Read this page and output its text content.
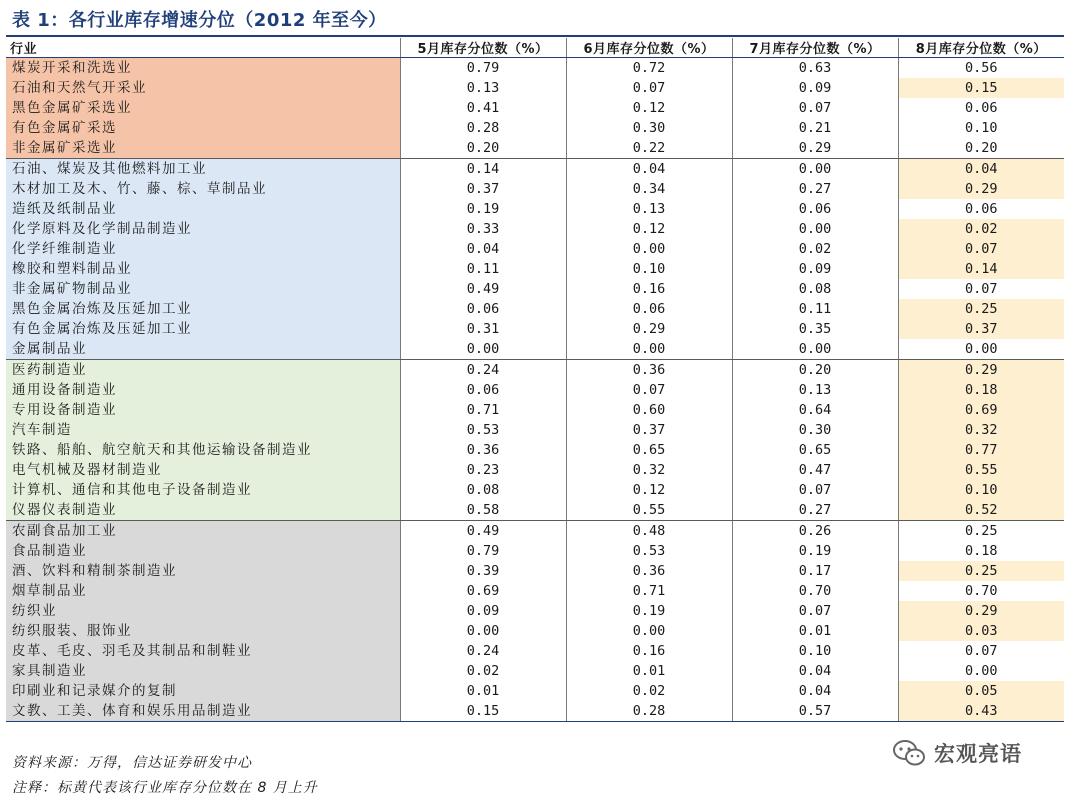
表 1：各行业库存增速分位（2012 年至今）
行业	5月库存分位数（%）	6月库存分位数（%）	7月库存分位数（%）	8月库存分位数（%）
煤炭开采和洗选业	0.79	0.72	0.63	0.56
石油和天然气开采业	0.13	0.07	0.09	0.15
黑色金属矿采选业	0.41	0.12	0.07	0.06
有色金属矿采选	0.28	0.30	0.21	0.10
非金属矿采选业	0.20	0.22	0.29	0.20
石油、煤炭及其他燃料加工业	0.14	0.04	0.00	0.04
木材加工及木、竹、藤、棕、草制品业	0.37	0.34	0.27	0.29
造纸及纸制品业	0.19	0.13	0.06	0.06
化学原料及化学制品制造业	0.33	0.12	0.00	0.02
化学纤维制造业	0.04	0.00	0.02	0.07
橡胶和塑料制品业	0.11	0.10	0.09	0.14
非金属矿物制品业	0.49	0.16	0.08	0.07
黑色金属冶炼及压延加工业	0.06	0.06	0.11	0.25
有色金属冶炼及压延加工业	0.31	0.29	0.35	0.37
金属制品业	0.00	0.00	0.00	0.00
医药制造业	0.24	0.36	0.20	0.29
通用设备制造业	0.06	0.07	0.13	0.18
专用设备制造业	0.71	0.60	0.64	0.69
汽车制造	0.53	0.37	0.30	0.32
铁路、船舶、航空航天和其他运输设备制造业	0.36	0.65	0.65	0.77
电气机械及器材制造业	0.23	0.32	0.47	0.55
计算机、通信和其他电子设备制造业	0.08	0.12	0.07	0.10
仪器仪表制造业	0.58	0.55	0.27	0.52
农副食品加工业	0.49	0.48	0.26	0.25
食品制造业	0.79	0.53	0.19	0.18
酒、饮料和精制茶制造业	0.39	0.36	0.17	0.25
烟草制品业	0.69	0.71	0.70	0.70
纺织业	0.09	0.19	0.07	0.29
纺织服装、服饰业	0.00	0.00	0.01	0.03
皮革、毛皮、羽毛及其制品和制鞋业	0.24	0.16	0.10	0.07
家具制造业	0.02	0.01	0.04	0.00
印刷业和记录媒介的复制	0.01	0.02	0.04	0.05
文教、工美、体育和娱乐用品制造业	0.15	0.28	0.57	0.43
资料来源：万得，信达证券研发中心
注释：标黄代表该行业库存分位数在 8 月上升
宏观亮语
